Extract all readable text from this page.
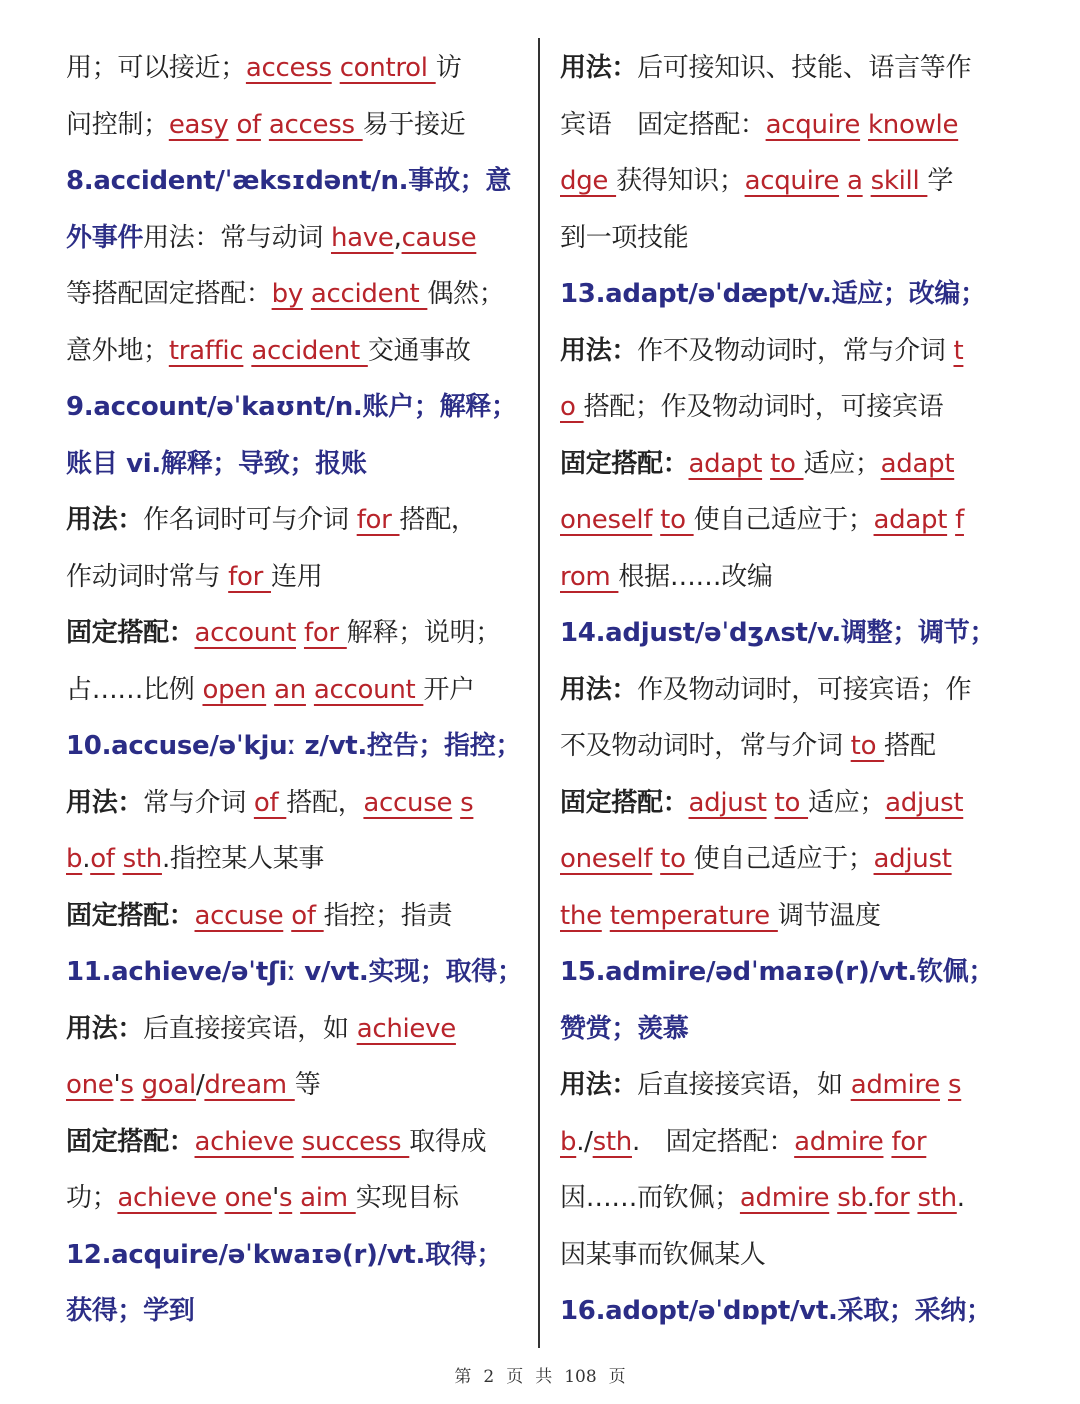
用；可以接近；access control 访
问控制；easy of access 易于接近
8.accident/ˈæksɪdənt/n.事故；意
外事件用法：常与动词 have,cause
等搭配固定搭配：by accident 偶然；
意外地；traffic accident 交通事故
9.account/əˈkaʊnt/n.账户；解释；
账目 vi.解释；导致；报账
用法：作名词时可与介词 for 搭配，
作动词时常与 for 连用
固定搭配：account for 解释；说明；
占……比例 open an account 开户
10.accuse/əˈkjuː z/vt.控告；指控；
用法：常与介词 of 搭配，accuse s
b.of sth.指控某人某事
固定搭配：accuse of 指控；指责
11.achieve/əˈtʃiː v/vt.实现；取得；
用法：后直接接宾语，如 achieve
one's goal/dream 等
固定搭配：achieve success 取得成
功；achieve one's aim 实现目标
12.acquire/əˈkwaɪə(r)/vt.取得；
获得；学到
用法：后可接知识、技能、语言等作
宾语　固定搭配：acquire knowle
dge 获得知识；acquire a skill 学
到一项技能
13.adapt/əˈdæpt/v.适应；改编；
用法：作不及物动词时，常与介词 t
o 搭配；作及物动词时，可接宾语
固定搭配：adapt to 适应；adapt
oneself to 使自己适应于；adapt f
rom 根据……改编
14.adjust/əˈdʒʌst/v.调整；调节；
用法：作及物动词时，可接宾语；作
不及物动词时，常与介词 to 搭配
固定搭配：adjust to 适应；adjust
oneself to 使自己适应于；adjust
the temperature 调节温度
15.admire/ədˈmaɪə(r)/vt.钦佩；
赞赏；羡慕
用法：后直接接宾语，如 admire s
b./sth.　固定搭配：admire for
因……而钦佩；admire sb.for sth.
因某事而钦佩某人
16.adopt/əˈdɒpt/vt.采取；采纳；
第 2 页 共 108 页
